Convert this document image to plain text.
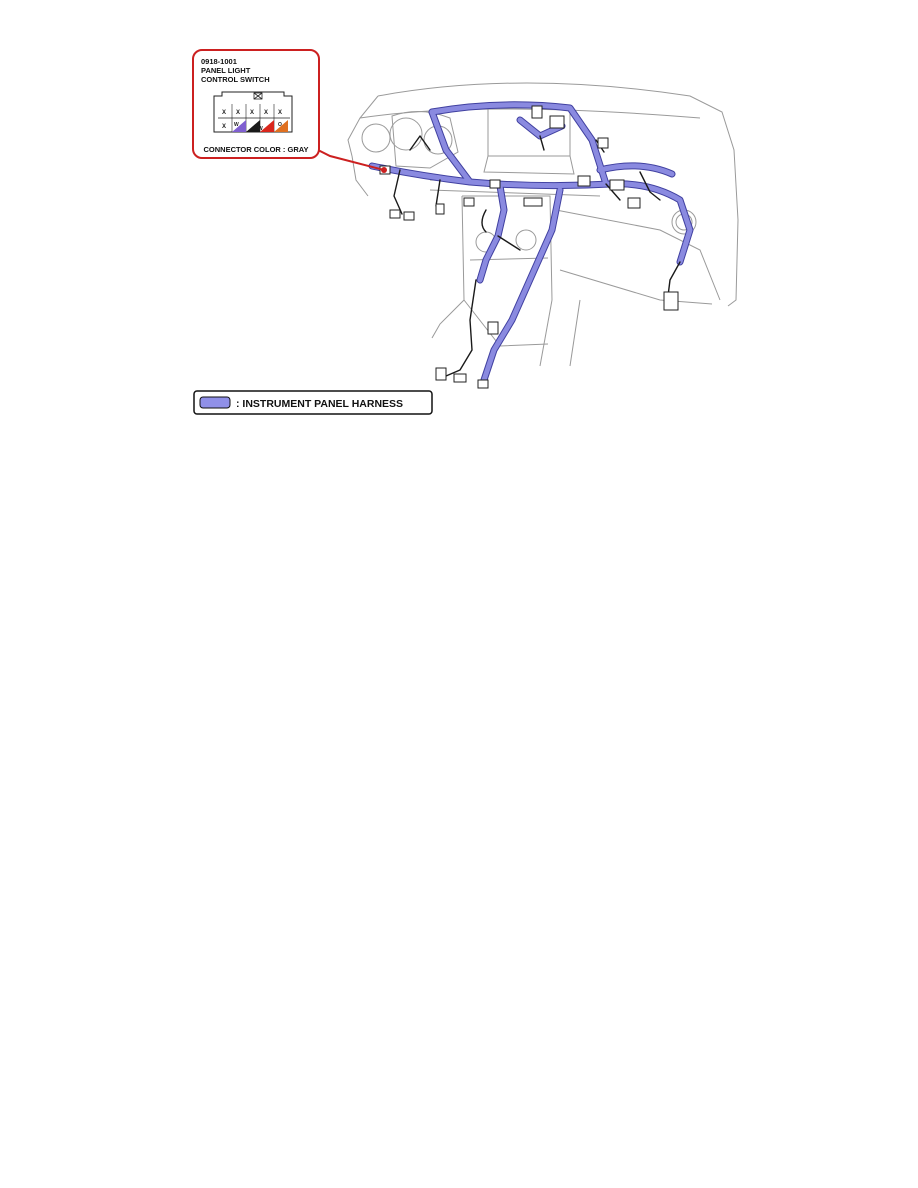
0918-1001
PANEL LIGHT
CONTROL SWITCH
X X X X X
X W B
W
O
CONNECTOR COLOR : GRAY
: INSTRUMENT PANEL HARNESS
